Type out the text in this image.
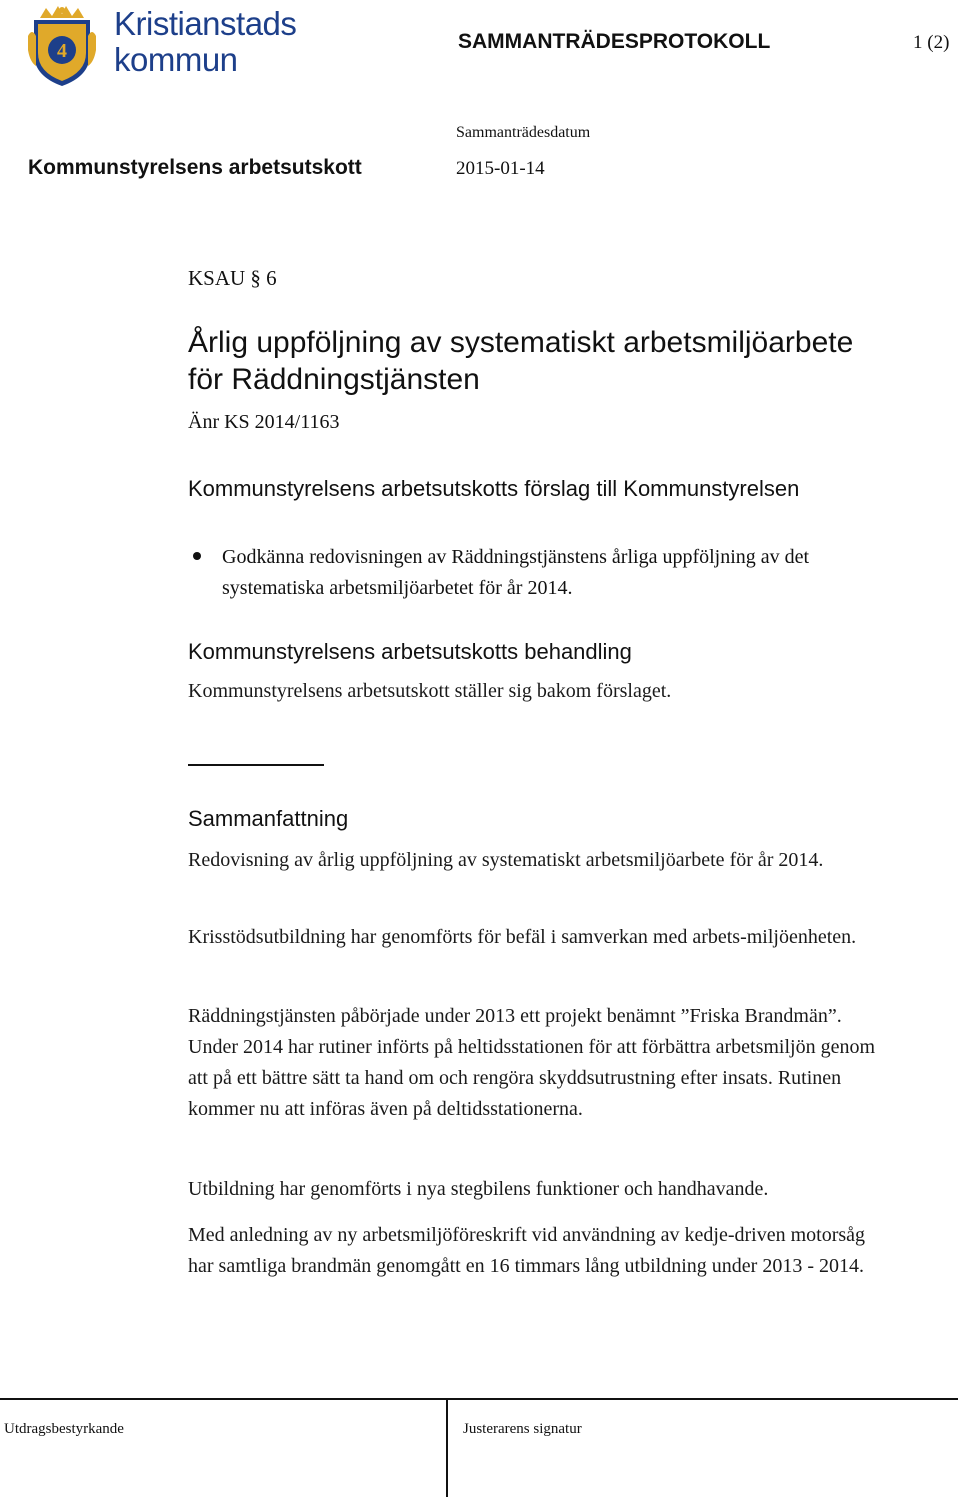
4
Kristianstads
kommun	SAMMANTRÄDESPROTOKOLL	1 (2)
Sammanträdesdatum
Kommunstyrelsens arbetsutskott	2015-01-14
KSAU § 6
Årlig uppföljning av systematiskt arbetsmiljöarbete för Räddningstjänsten
Änr KS 2014/1163
Kommunstyrelsens arbetsutskotts förslag till Kommunstyrelsen
Godkänna redovisningen av Räddningstjänstens årliga uppföljning av det systematiska arbetsmiljöarbetet för år 2014.
Kommunstyrelsens arbetsutskotts behandling
Kommunstyrelsens arbetsutskott ställer sig bakom förslaget.
Sammanfattning
Redovisning av årlig uppföljning av systematiskt arbetsmiljöarbete för år 2014.
Krisstödsutbildning har genomförts för befäl i samverkan med arbets-miljöenheten.
Räddningstjänsten påbörjade under 2013 ett projekt benämnt ”Friska Brandmän”. Under 2014 har rutiner införts på heltidsstationen för att förbättra arbetsmiljön genom att på ett bättre sätt ta hand om och rengöra skyddsutrustning efter insats. Rutinen kommer nu att införas även på deltidsstationerna.
Utbildning har genomförts i nya stegbilens funktioner och handhavande.
Med anledning av ny arbetsmiljöföreskrift vid användning av kedje-driven motorsåg har samtliga brandmän genomgått en 16 timmars lång utbildning under 2013 - 2014.
Utdragsbestyrkande	Justerarens signatur
